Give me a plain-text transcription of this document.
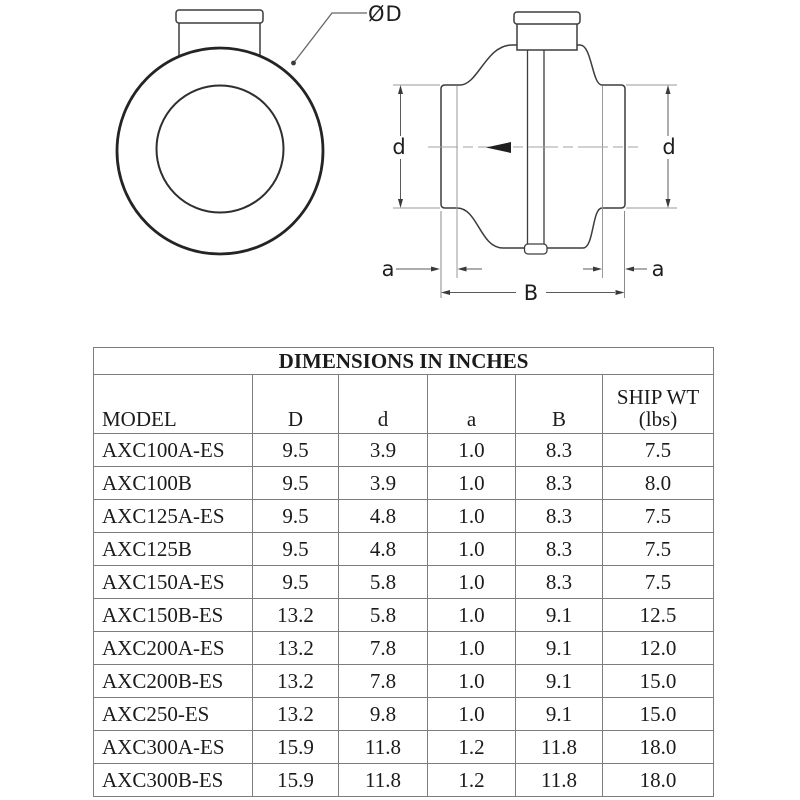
ØD
d	d
a	a
B
DIMENSIONS IN INCHES					
MODEL	D	d	a	B	SHIP WT
(lbs)

AXC100A-ES	9.5	3.9	1.0	8.3	7.5
AXC100B	9.5	3.9	1.0	8.3	8.0
AXC125A-ES	9.5	4.8	1.0	8.3	7.5
AXC125B	9.5	4.8	1.0	8.3	7.5
AXC150A-ES	9.5	5.8	1.0	8.3	7.5
AXC150B-ES	13.2	5.8	1.0	9.1	12.5
AXC200A-ES	13.2	7.8	1.0	9.1	12.0
AXC200B-ES	13.2	7.8	1.0	9.1	15.0
AXC250-ES	13.2	9.8	1.0	9.1	15.0
AXC300A-ES	15.9	11.8	1.2	11.8	18.0
AXC300B-ES	15.9	11.8	1.2	11.8	18.0
